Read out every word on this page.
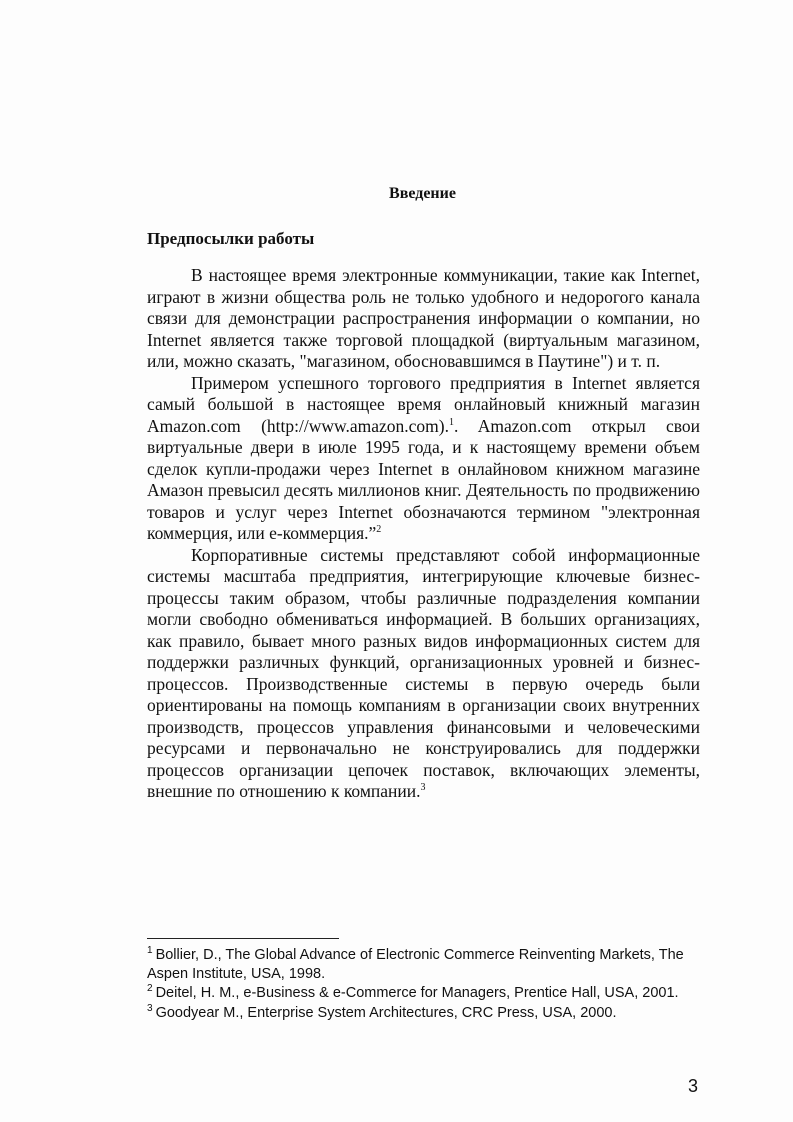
Введение
Предпосылки работы

В настоящее время электронные коммуникации, такие как Internet, играют в жизни общества роль не только удобного и недорогого канала связи для демонстрации распространения информации о компании, но Internet является также торговой площадкой (виртуальным магазином, или, можно сказать, "магазином, обосновавшимся в Паутине") и т. п.

Примером успешного торгового предприятия в Internet является самый большой в настоящее время онлайновый книжный магазин Amazon.com (http://www.amazon.com).$^1$. Amazon.com открыл свои виртуальные двери в июле 1995 года, и к настоящему времени объем сделок купли-продажи через Internet в онлайновом книжном магазине Амазон превысил десять миллионов книг. Деятельность по продвижению товаров и услуг через Internet обозначаются термином "электронная коммерция, или е-коммерция.”$^2$

Корпоративные системы представляют собой информационные системы масштаба предприятия, интегрирующие ключевые бизнес-процессы таким образом, чтобы различные подразделения компании могли свободно обмениваться информацией. В больших организациях, как правило, бывает много разных видов информационных систем для поддержки различных функций, организационных уровней и бизнес-процессов. Производственные системы в первую очередь были ориентированы на помощь компаниям в организации своих внутренних производств, процессов управления финансовыми и человеческими ресурсами и первоначально не конструировались для поддержки процессов организации цепочек поставок, включающих элементы, внешние по отношению к компании.$^3$

$^1$ Bollier, D., The Global Advance of Electronic Commerce Reinventing Markets, The Aspen Institute, USA, 1998.

$^2$ Deitel, H. M., e-Business & e-Commerce for Managers, Prentice Hall, USA, 2001.

$^3$ Goodyear M., Enterprise System Architectures, CRC Press, USA, 2000.

3
